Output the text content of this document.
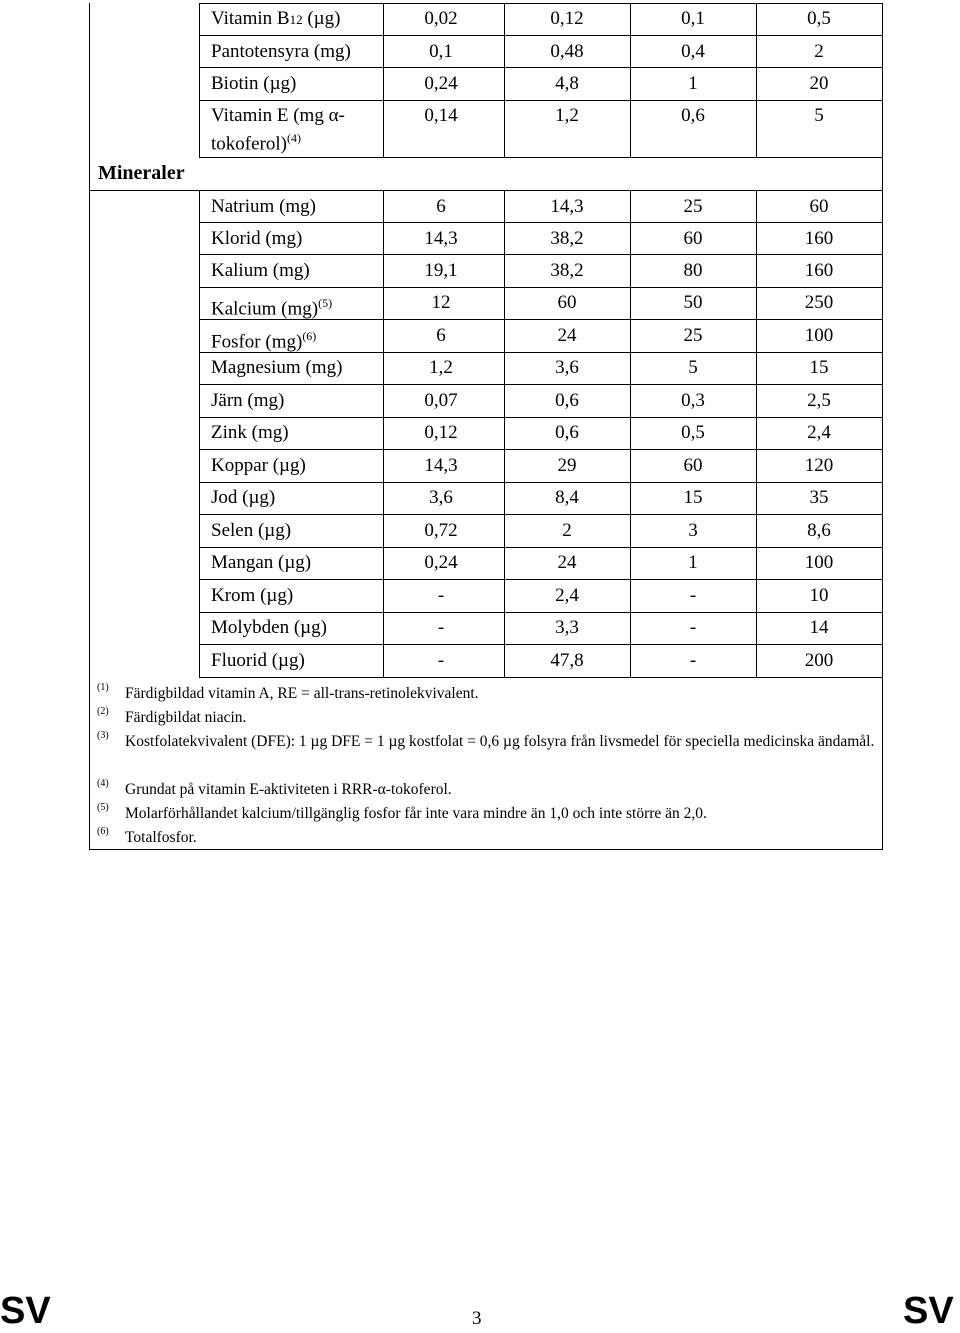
Mineraler
Vitamin B12 (µg)	0,02	0,12	0,1	0,5
Pantotensyra (mg)	0,1	0,48	0,4	2
Biotin (µg)	0,24	4,8	1	20
Vitamin E (mg α-
tokoferol)$^{(4)}$
0,14	1,2	0,6	5
Natrium (mg)	6	14,3	25	60
Klorid (mg)	14,3	38,2	60	160
Kalium (mg)	19,1	38,2	80	160
Kalcium (mg)$^{(5)}$	12	60	50	250
Fosfor (mg)$^{(6)}$	6	24	25	100
Magnesium (mg)	1,2	3,6	5	15
Järn (mg)	0,07	0,6	0,3	2,5
Zink (mg)	0,12	0,6	0,5	2,4
Koppar (µg)	14,3	29	60	120
Jod (µg)	3,6	8,4	15	35
Selen (µg)	0,72	2	3	8,6
Mangan (µg)	0,24	24	1	100
Krom (µg)	-	2,4	-	10
Molybden (µg)	-	3,3	-	14
Fluorid (µg)	-	47,8	-	200
(1) Färdigbildad vitamin A, RE = all-trans-retinolekvivalent.
(2) Färdigbildat niacin.
(3) Kostfolatekvivalent (DFE): 1 µg DFE = 1 µg kostfolat = 0,6 µg folsyra från livsmedel för speciella medicinska ändamål.
(4) Grundat på vitamin E-aktiviteten i RRR-α-tokoferol.
(5) Molarförhållandet kalcium/tillgänglig fosfor får inte vara mindre än 1,0 och inte större än 2,0.
(6) Totalfosfor.
SV	3	SV
